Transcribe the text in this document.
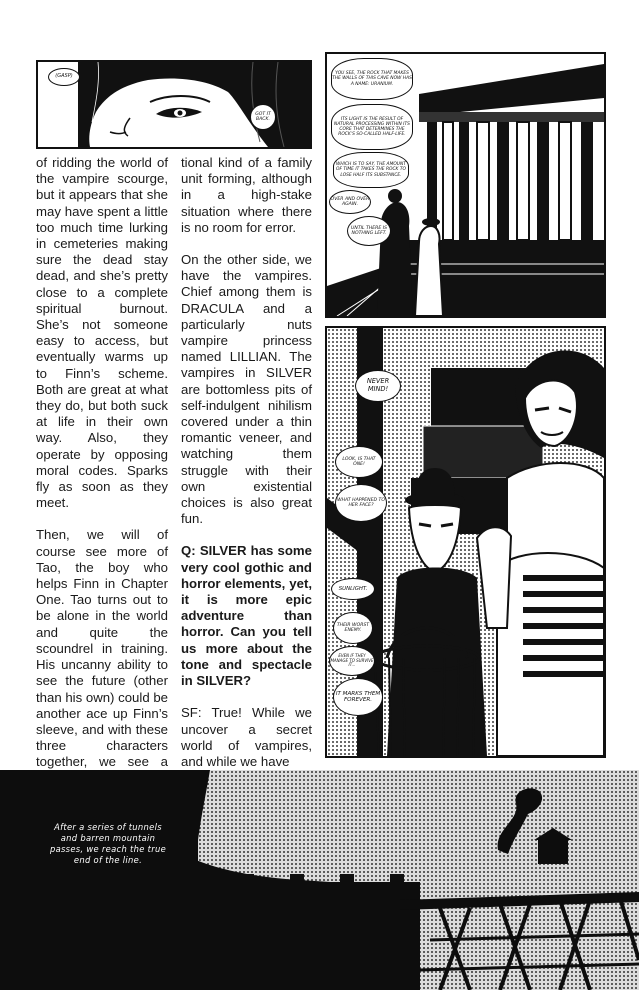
(GASP)
GOT IT BACK.

of ridding the world of the vampire scourge, but it appears that she may have spent a little too much time lurking in cemeteries making sure the dead stay dead, and she’s pretty close to a complete spiritual burnout. She’s not someone easy to access, but eventually warms up to Finn’s scheme. Both are great at what they do, but both suck at life in their own way. Also, they operate by opposing moral codes. Sparks fly as soon as they meet.

Then, we will of course see more of Tao, the boy who helps Finn in Chapter One. Tao turns out to be alone in the world and quite the scoundrel in training. His uncanny ability to see the future (other than his own) could be another ace up Finn’s sleeve, and with these three characters together, we see a

tional kind of a family unit forming, although in a high-stake situation where there is no room for error.

On the other side, we have the vampires. Chief among them is DRACULA and a particularly nuts vampire princess named LILLIAN. The vampires in SILVER are bottomless pits of self-indulgent nihilism covered under a thin romantic veneer, and watching them struggle with their own existential choices is also great fun.

Q: SILVER has some very cool gothic and horror elements, yet, it is more epic adventure than horror. Can you tell us more about the tone and spectacle in SILVER?

SF: True! While we uncover a secret world of vampires, and while we have

YOU SEE, THE ROCK THAT MAKES THE WALLS OF THIS CAVE NOW HAS A NAME: URANIUM.
ITS LIGHT IS THE RESULT OF NATURAL PROCESSING WITHIN ITS CORE THAT DETERMINES THE ROCK’S SO-CALLED HALF-LIFE.
WHICH IS TO SAY, THE AMOUNT OF TIME IT TAKES THE ROCK TO LOSE HALF ITS SUBSTANCE.
OVER AND OVER AGAIN.
UNTIL THERE IS NOTHING LEFT.
NEVER MIND!
LOOK, IS THAT ONE!
WHAT HAPPENED TO HER FACE?
SUNLIGHT.
THEIR WORST ENEMY.
EVEN IF THEY MANAGE TO SURVIVE IT...
IT MARKS THEM FOREVER.
After a series of tunnels and barren mountain passes, we reach the true end of the line.
